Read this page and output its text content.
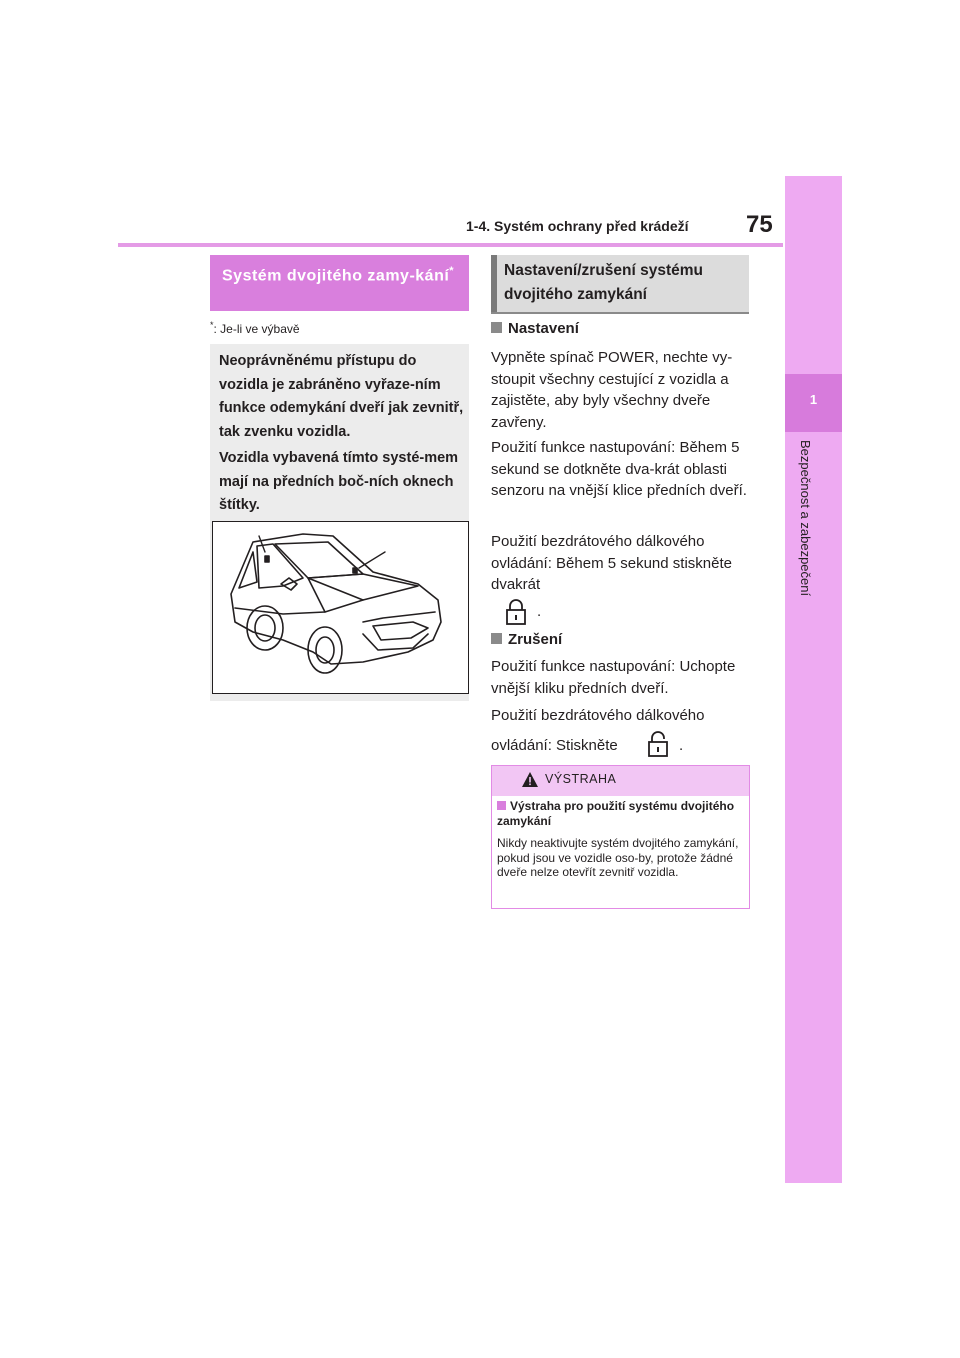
1-4. Systém ochrany před krádeží 75
1
Bezpečnost a zabezpečení
Systém dvojitého zamy-kání*
*: Je-li ve výbavě
Neoprávněnému přístupu do vozidla je zabráněno vyřaze-ním funkce odemykání dveří jak zevnitř, tak zvenku vozidla.
Vozidla vybavená tímto systé-mem mají na předních boč-ních oknech štítky.
Nastavení/zrušení systému dvojitého zamykání
Nastavení
Vypněte spínač POWER, nechte vy-stoupit všechny cestující z vozidla a zajistěte, aby byly všechny dveře zavřeny.
Použití funkce nastupování: Během 5 sekund se dotkněte dva-krát oblasti senzoru na vnější klice předních dveří.
Použití bezdrátového dálkového ovládání: Během 5 sekund stiskněte dvakrát
.
Zrušení
Použití funkce nastupování: Uchopte vnější kliku předních dveří.
Použití bezdrátového dálkového
ovládání: Stiskněte	.
VÝSTRAHA
Výstraha pro použití systému dvojitého zamykání
Nikdy neaktivujte systém dvojitého zamykání, pokud jsou ve vozidle oso-by, protože žádné dveře nelze otevřít zevnitř vozidla.
